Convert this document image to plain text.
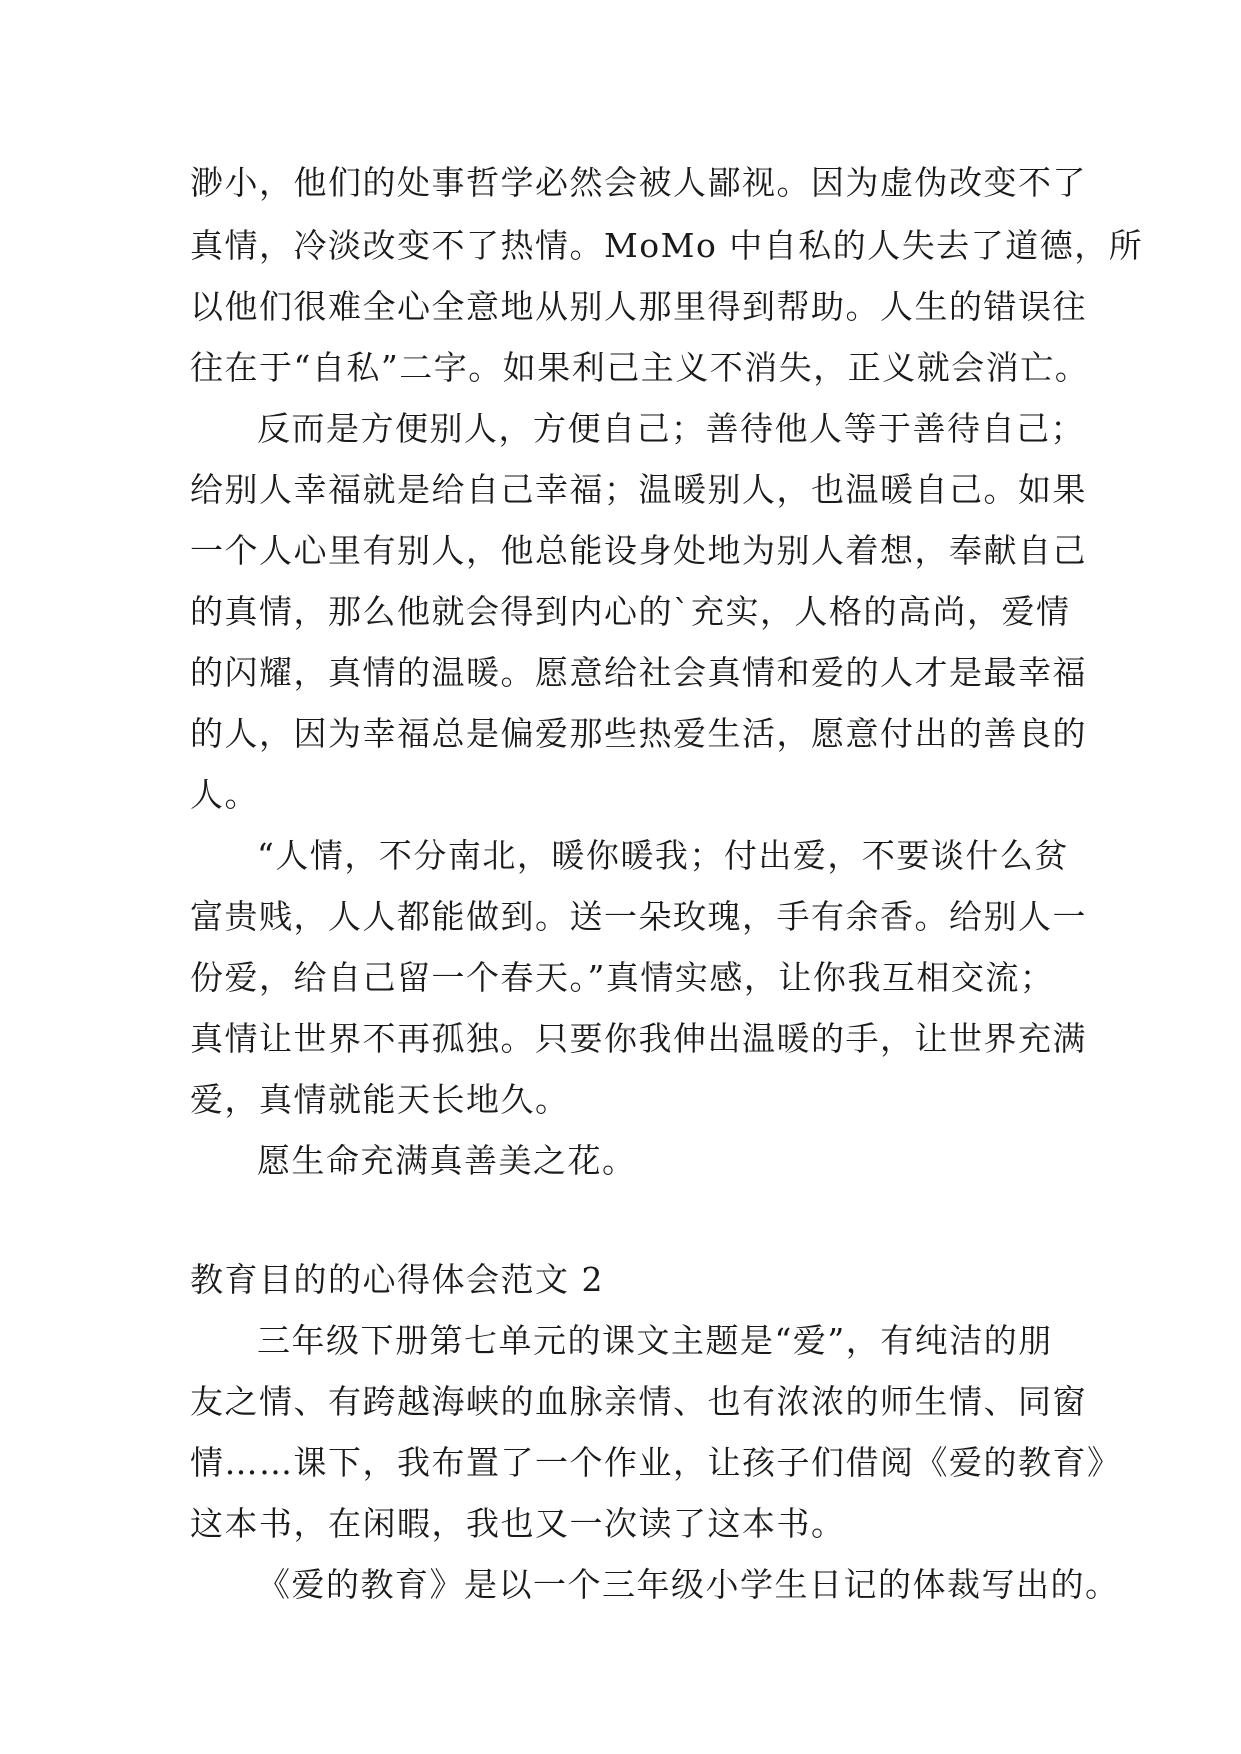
渺小，他们的处事哲学必然会被人鄙视。因为虚伪改变不了
真情，冷淡改变不了热情。MoMo 中自私的人失去了道德，所
以他们很难全心全意地从别人那里得到帮助。人生的错误往
往在于“自私”二字。如果利己主义不消失，正义就会消亡。
反而是方便别人，方便自己；善待他人等于善待自己；
给别人幸福就是给自己幸福；温暖别人，也温暖自己。如果
一个人心里有别人，他总能设身处地为别人着想，奉献自己
的真情，那么他就会得到内心的`充实，人格的高尚，爱情
的闪耀，真情的温暖。愿意给社会真情和爱的人才是最幸福
的人，因为幸福总是偏爱那些热爱生活，愿意付出的善良的
人。
“人情，不分南北，暖你暖我；付出爱，不要谈什么贫
富贵贱，人人都能做到。送一朵玫瑰，手有余香。给别人一
份爱，给自己留一个春天。”真情实感，让你我互相交流；
真情让世界不再孤独。只要你我伸出温暖的手，让世界充满
爱，真情就能天长地久。
愿生命充满真善美之花。
教育目的的心得体会范文 2
三年级下册第七单元的课文主题是“爱”，有纯洁的朋
友之情、有跨越海峡的血脉亲情、也有浓浓的师生情、同窗
情……课下，我布置了一个作业，让孩子们借阅《爱的教育》
这本书，在闲暇，我也又一次读了这本书。
《爱的教育》是以一个三年级小学生日记的体裁写出的。
